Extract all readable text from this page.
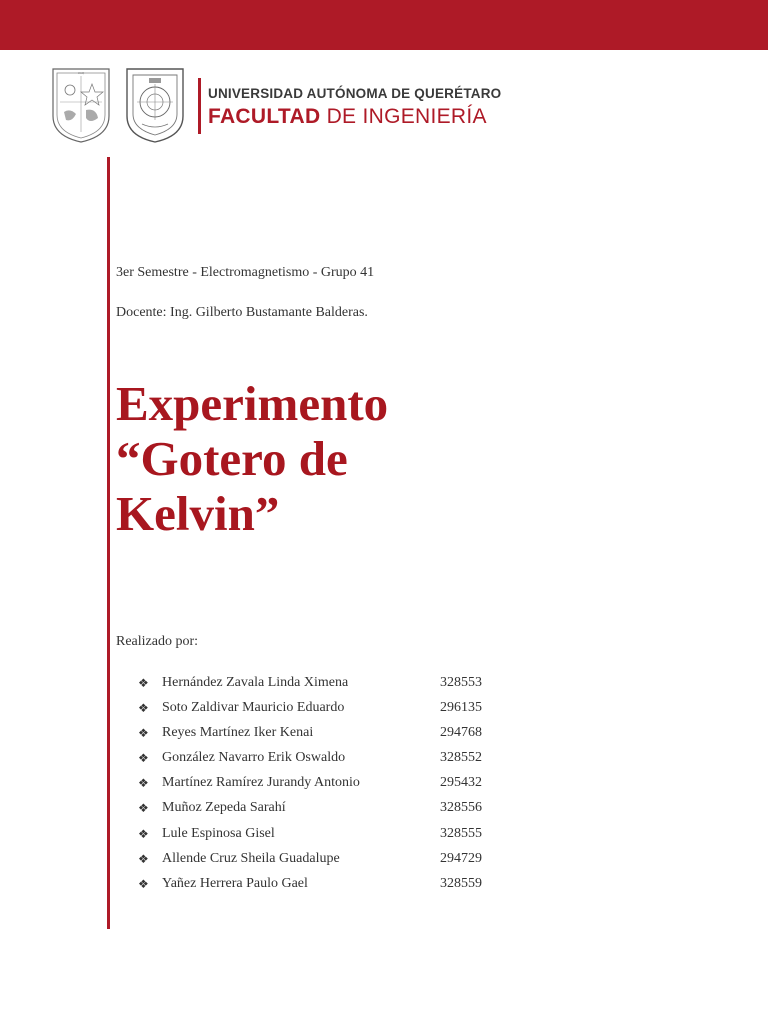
UAQ
UNIVERSIDAD AUTÓNOMA DE QUERÉTARO
FACULTAD DE INGENIERÍA
3er Semestre - Electromagnetismo - Grupo 41
Docente: Ing. Gilberto Bustamante Balderas.
Experimento
“Gotero de
Kelvin”
Realizado por:
❖ Hernández Zavala Linda Ximena	328553
❖ Soto Zaldivar Mauricio Eduardo	296135
❖ Reyes Martínez Iker Kenai	294768
❖ González Navarro Erik Oswaldo	328552
❖ Martínez Ramírez Jurandy Antonio	295432
❖ Muñoz Zepeda Sarahí	328556
❖ Lule Espinosa Gisel	328555
❖ Allende Cruz Sheila Guadalupe	294729
❖ Yañez Herrera Paulo Gael	328559
